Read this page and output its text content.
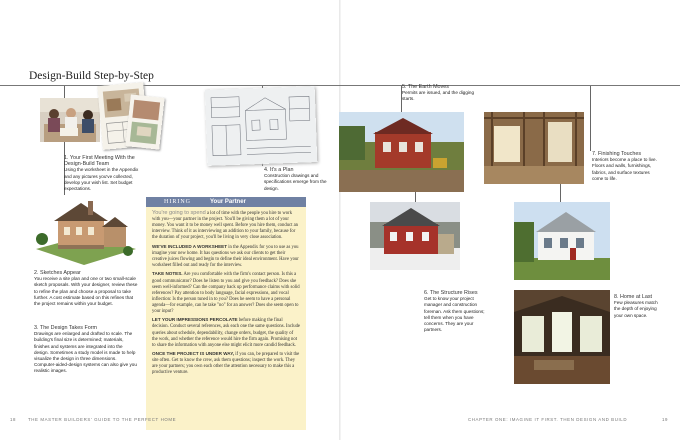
Design-Build Step-by-Step
1. Your First Meeting With the Design-Build Team
Using the worksheet in the Appendix and any pictures you've collected, develop your wish list. Set budget expectations.
4. It's a Plan
Construction drawings and specifications emerge from the design.
5. The Earth Moves
Permits are issued, and the digging starts.
7. Finishing Touches
Interiors become a place to live. Floors and walls, furnishings, fabrics, and surface textures come to life.
2. Sketches Appear
You receive a site plan and one or two small-scale sketch proposals. With your designer, review these to refine the plan and choose a proposal to take further. A cost estimate based on this refines that the project remains within your budget.
3. The Design Takes Form
Drawings are enlarged and drafted to scale. The building's final size is determined; materials, finishes and systems are integrated into the design. Sometimes a study model is made to help visualize the design in three dimensions. Computer-aided-design systems can also give you realistic images.
HIRING	Your Partner

You're going to spend a lot of time with the people you hire to work with you—your partner in the project. You'll be giving them a lot of your money. You want it to be money well spent. Before you hire them, conduct an interview. Think of it as interviewing an addition to your family, because for the duration of your project, you'll be living in very close association.

WE'VE INCLUDED A WORKSHEET in the Appendix for you to use as you imagine your new home. It has questions we ask our clients to get their creative juices flowing and begin to define their ideal environment. Have your worksheet filled out and ready for the interview.

TAKE NOTES. Are you comfortable with the firm's contact person. Is this a good communicator? Does he listen to you and give you feedback? Does she seem well-informed? Can the company back up performance claims with solid references? Pay attention to body language, facial expressions, and vocal inflection: Is the person tuned in to you? Does he seem to have a personal agenda—for example, can he take "no" for an answer? Does she seem open to your input?

LET YOUR IMPRESSIONS PERCOLATE before making the final decision. Conduct several references, ask each one the same questions. Include queries about schedule, dependability, change orders, budget, the quality of the work, and whether the reference would hire the firm again. Promising not to share the information with anyone else might elicit more candid feedback.

ONCE THE PROJECT IS UNDER WAY, if you can, be prepared to visit the site often. Get to know the crew, ask them questions; inspect the work. They are your partners; you own each other the attention necessary to make this a productive venture.

6. The Structure Rises
Get to know your project manager and construction foreman. Ask them questions; tell them when you have concerns. They are your partners.
8. Home at Last
Few pleasures match the depth of enjoying your own space.
18	THE MASTER BUILDERS' GUIDE TO THE PERFECT HOME	CHAPTER ONE: IMAGINE IT FIRST. THEN DESIGN AND BUILD	19
